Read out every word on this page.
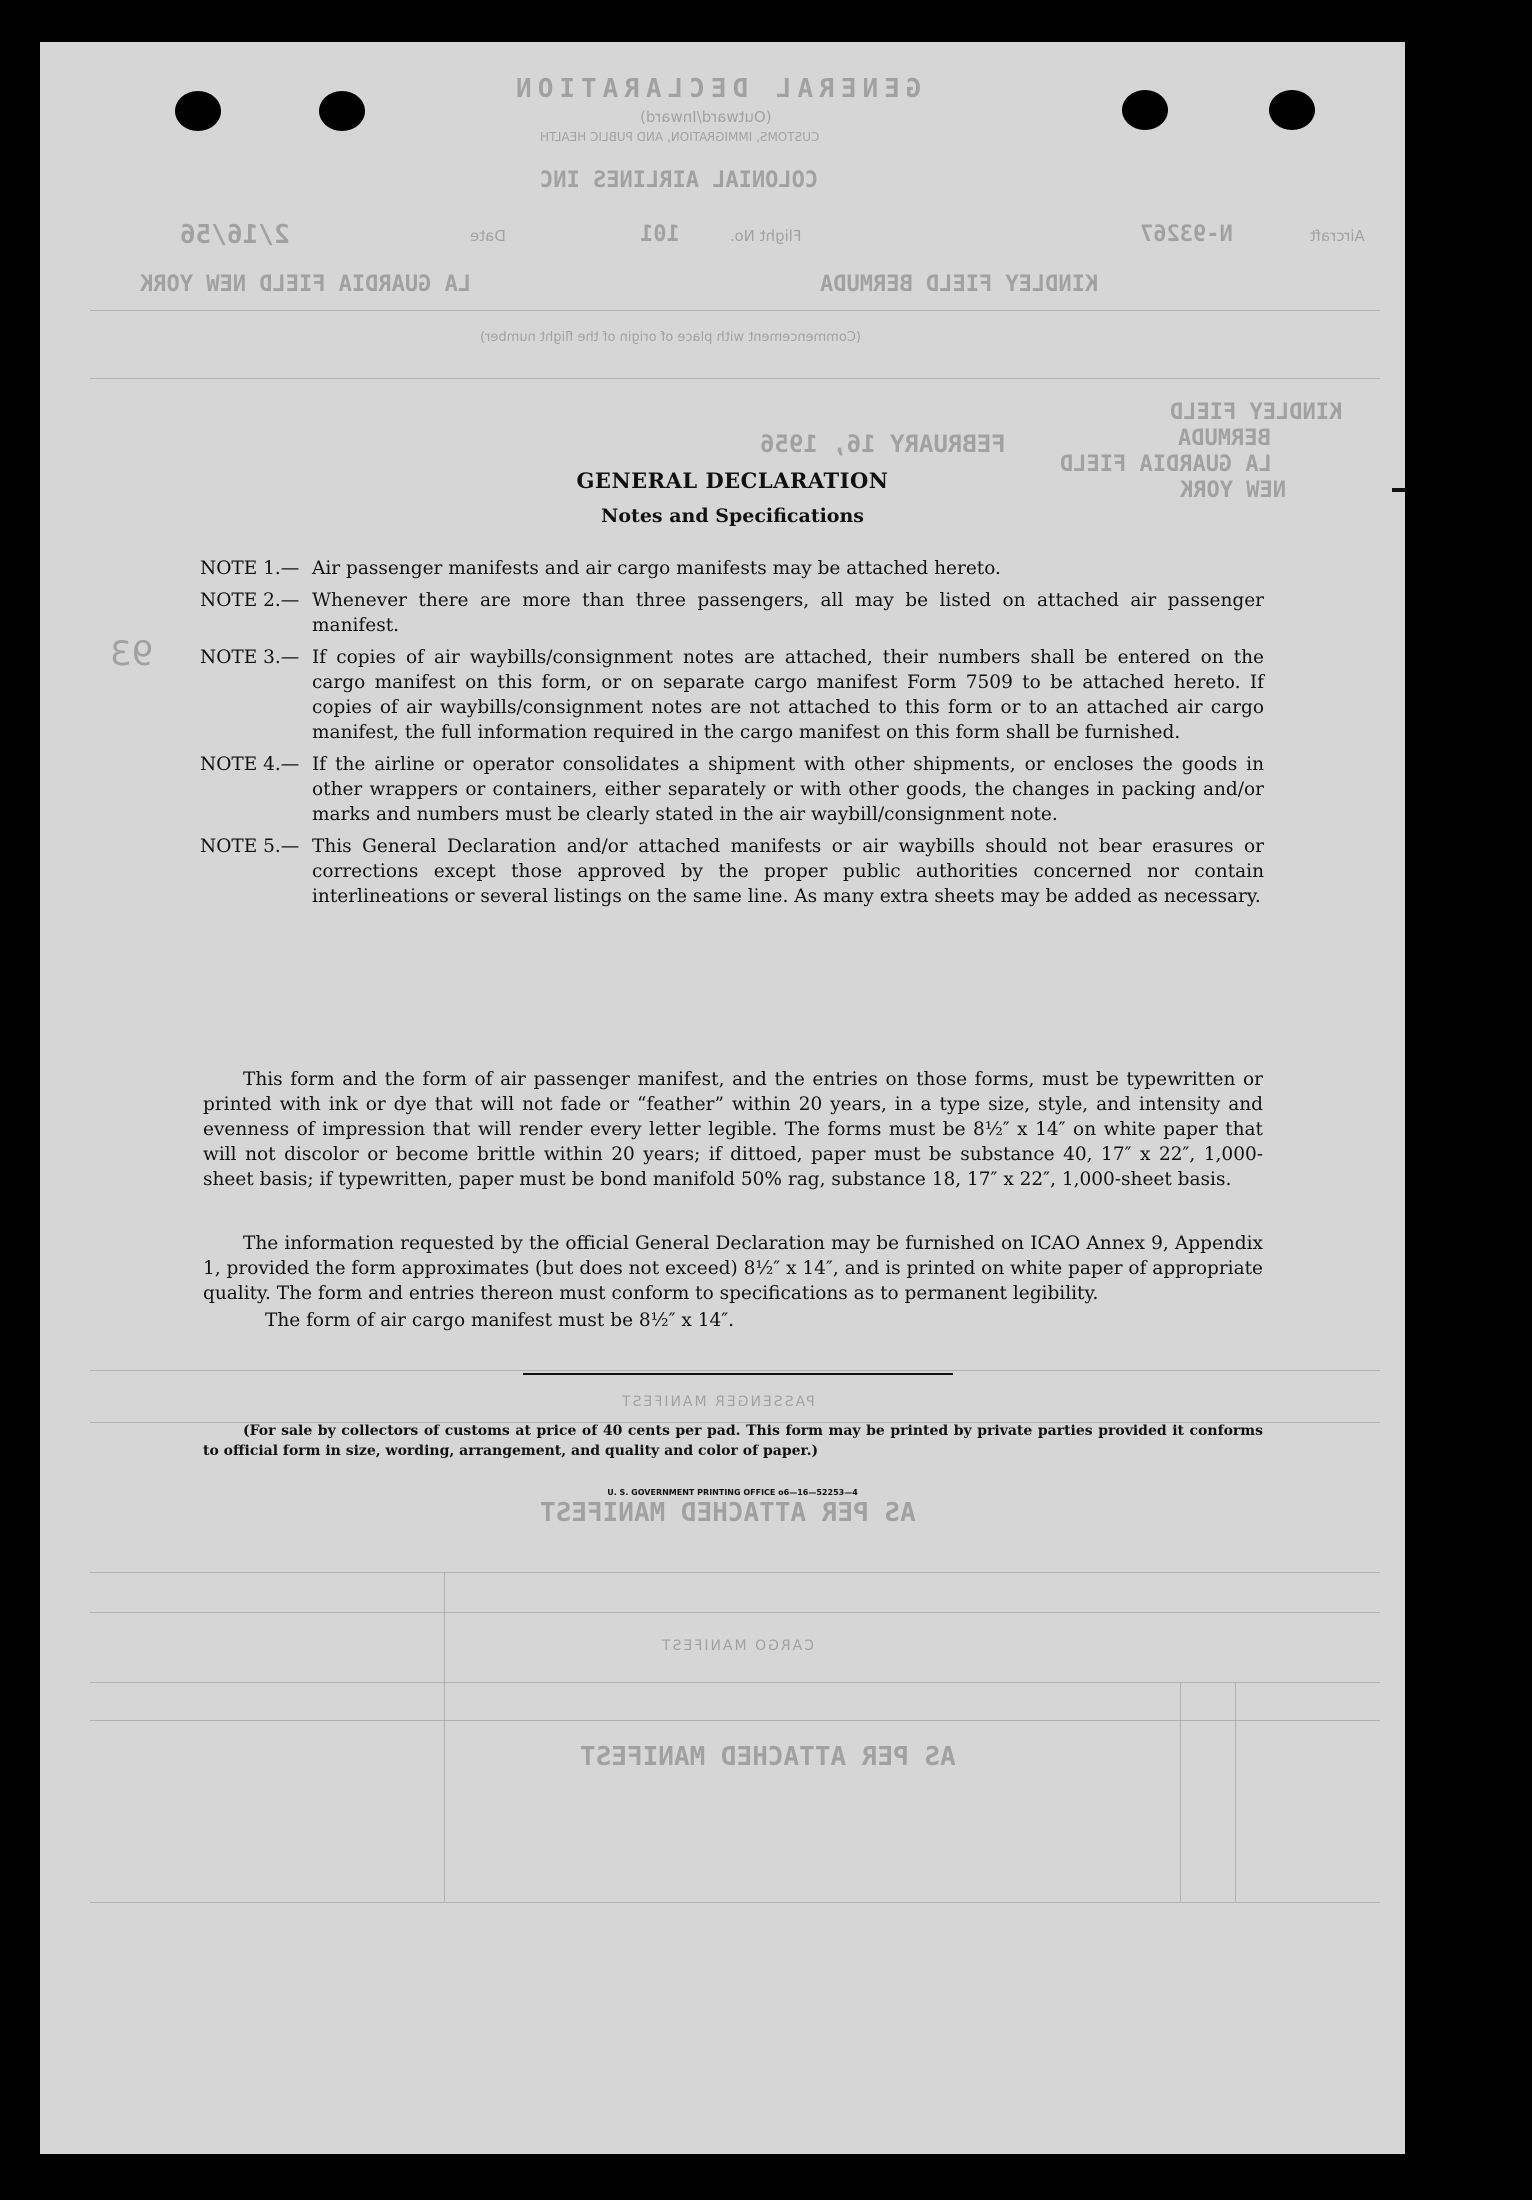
GENERAL DECLARATION
(Outward/Inward)
CUSTOMS, IMMIGRATION, AND PUBLIC HEALTH
COLONIAL AIRLINES INC
Aircraft
N-93267
Flight No.
101
Date
2/16/56
KINDLEY FIELD BERMUDA
LA GUARDIA FIELD NEW YORK
(Commencement with place of origin of the flight number)
KINDLEY FIELD
BERMUDA
LA GUARDIA FIELD
NEW YORK
FEBRUARY 16, 1956
93
PASSENGER MANIFEST
AS PER ATTACHED MANIFEST
CARGO MANIFEST
AS PER ATTACHED MANIFEST
GENERAL DECLARATION
Notes and Specifications
NOTE 1.— Air passenger manifests and air cargo manifests may be attached hereto.
NOTE 2.— Whenever there are more than three passengers, all may be listed on attached air passenger manifest.
NOTE 3.— If copies of air waybills/consignment notes are attached, their numbers shall be entered on the cargo manifest on this form, or on separate cargo manifest Form 7509 to be attached hereto. If copies of air waybills/consignment notes are not attached to this form or to an attached air cargo manifest, the full information required in the cargo manifest on this form shall be furnished.
NOTE 4.— If the airline or operator consolidates a shipment with other shipments, or encloses the goods in other wrappers or containers, either separately or with other goods, the changes in packing and/or marks and numbers must be clearly stated in the air waybill/consignment note.
NOTE 5.— This General Declaration and/or attached manifests or air waybills should not bear erasures or corrections except those approved by the proper public authorities concerned nor contain interlineations or several listings on the same line. As many extra sheets may be added as necessary.
This form and the form of air passenger manifest, and the entries on those forms, must be typewritten or printed with ink or dye that will not fade or “feather” within 20 years, in a type size, style, and intensity and evenness of impression that will render every letter legible. The forms must be 8½″ x 14″ on white paper that will not discolor or become brittle within 20 years; if dittoed, paper must be substance 40, 17″ x 22″, 1,000-sheet basis; if typewritten, paper must be bond manifold 50% rag, substance 18, 17″ x 22″, 1,000-sheet basis.
The information requested by the official General Declaration may be furnished on ICAO Annex 9, Appendix 1, provided the form approximates (but does not exceed) 8½″ x 14″, and is printed on white paper of appropriate quality. The form and entries thereon must conform to specifications as to permanent legibility.
The form of air cargo manifest must be 8½″ x 14″.
(For sale by collectors of customs at price of 40 cents per pad. This form may be printed by private parties provided it conforms to official form in size, wording, arrangement, and quality and color of paper.)
U. S. GOVERNMENT PRINTING OFFICE o6—16—52253—4
